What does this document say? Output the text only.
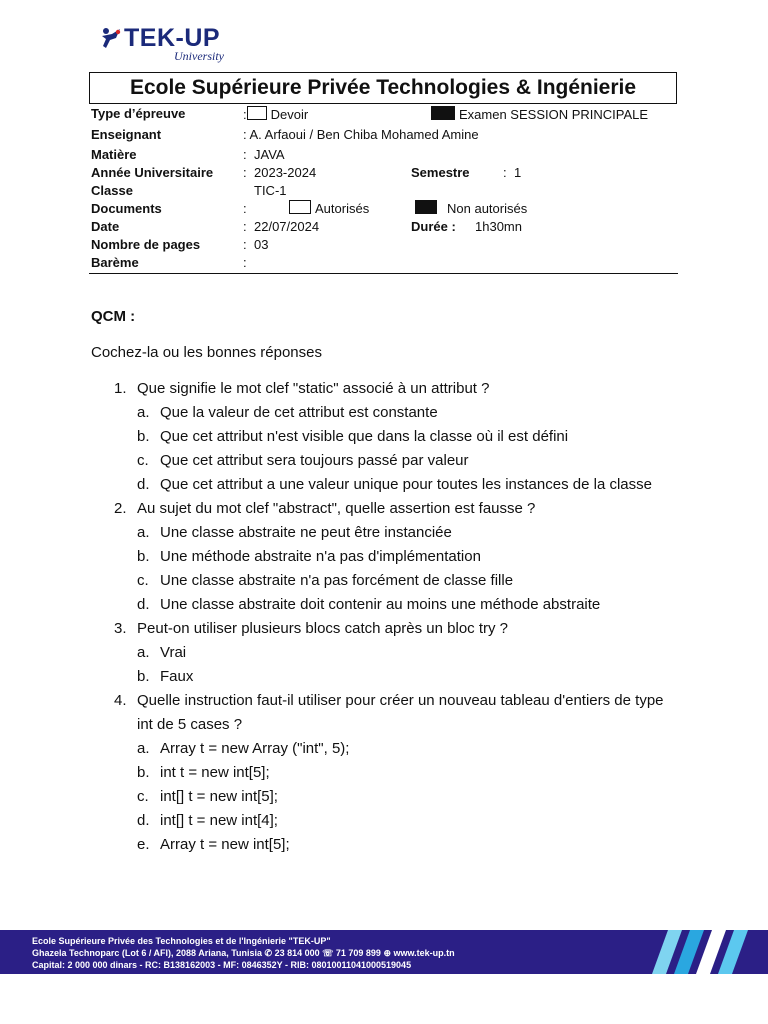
TEK-UP
University
Ecole Supérieure Privée Technologies & Ingénierie
Type d’épreuve	: Devoir	Examen SESSION PRINCIPALE
Enseignant	: A. Arfaoui / Ben Chiba Mohamed Amine
Matière	: JAVA
Année Universitaire : 2023-2024	Semestre	: 1
Classe	TIC-1
Documents	:	Autorisés	Non autorisés
Date	: 22/07/2024	Durée : 1h30mn
Nombre de pages	: 03
Barème	:
QCM :
Cochez-la ou les bonnes réponses
1. Que signifie le mot clef "static" associé à un attribut ?
a. Que la valeur de cet attribut est constante
b. Que cet attribut n'est visible que dans la classe où il est défini
c. Que cet attribut sera toujours passé par valeur
d. Que cet attribut a une valeur unique pour toutes les instances de la classe
2. Au sujet du mot clef "abstract", quelle assertion est fausse ?
a. Une classe abstraite ne peut être instanciée
b. Une méthode abstraite n'a pas d'implémentation
c. Une classe abstraite n'a pas forcément de classe fille
d. Une classe abstraite doit contenir au moins une méthode abstraite
3. Peut-on utiliser plusieurs blocs catch après un bloc try ?
a. Vrai
b. Faux
4. Quelle instruction faut-il utiliser pour créer un nouveau tableau d'entiers de type int de 5 cases ?
a. Array t = new Array ("int", 5);
b. int t = new int[5];
c. int[] t = new int[5];
d. int[] t = new int[4];
e. Array t = new int[5];
Ecole Supérieure Privée des Technologies et de l'Ingénierie "TEK-UP"
Ghazela Technoparc (Lot 6 / AFI), 2088 Ariana, Tunisia ✆ 23 814 000 ☏ 71 709 899 ⊕ www.tek-up.tn
Capital: 2 000 000 dinars - RC: B138162003 - MF: 0846352Y - RIB: 08010011041000519045
